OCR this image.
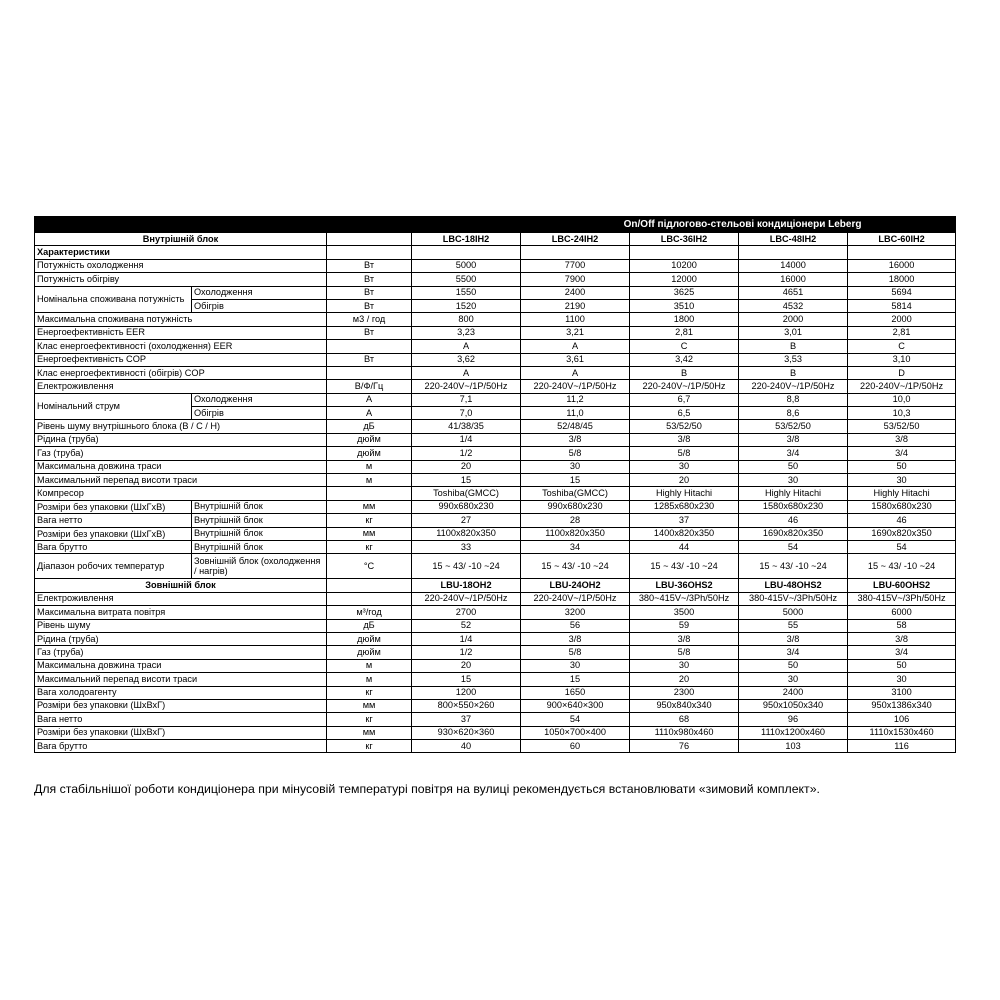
			On/Off підлогово-стельові кондиціонери Leberg				
Внутрішній блок			LBC-18IH2	LBC-24IH2	LBC-36IH2	LBC-48IH2	LBC-60IH2
Характеристики							
Потужність охолодження		Вт	5000	7700	10200	14000	16000
Потужність обігріву		Вт	5500	7900	12000	16000	18000
Номінальна споживана потужність	Охолодження	Вт	1550	2400	3625	4651	5694
	Обігрів	Вт	1520	2190	3510	4532	5814
Максимальна споживана потужність		м3 / год	800	1100	1800	2000	2000
Енергоефективність EER		Вт	3,23	3,21	2,81	3,01	2,81
Клас енергоефективності (охолодження) EER			A	A	C	B	C
Енергоефективність COP		Вт	3,62	3,61	3,42	3,53	3,10
Клас енергоефективності (обігрів) COP			A	A	B	B	D
Електроживлення		В/Ф/Гц	220-240V~/1P/50Hz	220-240V~/1P/50Hz	220-240V~/1P/50Hz	220-240V~/1P/50Hz	220-240V~/1P/50Hz
Номінальний струм	Охолодження	A	7,1	11,2	6,7	8,8	10,0
	Обігрів	A	7,0	11,0	6,5	8,6	10,3
Рівень шуму внутрішнього блока (В / С / Н)		дБ	41/38/35	52/48/45	53/52/50	53/52/50	53/52/50
Рідина (труба)		дюйм	1/4	3/8	3/8	3/8	3/8
Газ (труба)		дюйм	1/2	5/8	5/8	3/4	3/4
Максимальна довжина траси		м	20	30	30	50	50
Максимальний перепад висоти траси		м	15	15	20	30	30
Компресор			Toshiba(GMCC)	Toshiba(GMCC)	Highly Hitachi	Highly Hitachi	Highly Hitachi
Розміри без упаковки (ШхГхВ)	Внутрішній блок	мм	990x680x230	990x680x230	1285x680x230	1580x680x230	1580x680x230
Вага нетто	Внутрішній блок	кг	27	28	37	46	46
Розміри без упаковки (ШхГхВ)	Внутрішній блок	мм	1100x820x350	1100x820x350	1400x820x350	1690x820x350	1690x820x350
Вага брутто	Внутрішній блок	кг	33	34	44	54	54
Діапазон робочих температур	Зовнішній блок (охолодження / нагрів)	°C	15 ~ 43/ -10 ~24	15 ~ 43/ -10 ~24	15 ~ 43/ -10 ~24	15 ~ 43/ -10 ~24	15 ~ 43/ -10 ~24
Зовнішній блок			LBU-18OH2	LBU-24OH2	LBU-36OHS2	LBU-48OHS2	LBU-60OHS2
Електроживлення			220-240V~/1P/50Hz	220-240V~/1P/50Hz	380~415V~/3Ph/50Hz	380-415V~/3Ph/50Hz	380-415V~/3Ph/50Hz
Максимальна витрата повітря		м³/год	2700	3200	3500	5000	6000
Рівень шуму		дБ	52	56	59	55	58
Рідина (труба)		дюйм	1/4	3/8	3/8	3/8	3/8
Газ (труба)		дюйм	1/2	5/8	5/8	3/4	3/4
Максимальна довжина траси		м	20	30	30	50	50
Максимальний перепад висоти траси		м	15	15	20	30	30
Вага холодоагенту		кг	1200	1650	2300	2400	3100
Розміри без упаковки (ШхВхГ)		мм	800×550×260	900×640×300	950x840x340	950x1050x340	950x1386x340
Вага нетто		кг	37	54	68	96	106
Розміри без упаковки (ШхВхГ)		мм	930×620×360	1050×700×400	1110x980x460	1110x1200x460	1110x1530x460
Вага брутто		кг	40	60	76	103	116
Для стабільнішої роботи кондиціонера при мінусовій температурі повітря на вулиці рекомендується встановлювати «зимовий комплект».
